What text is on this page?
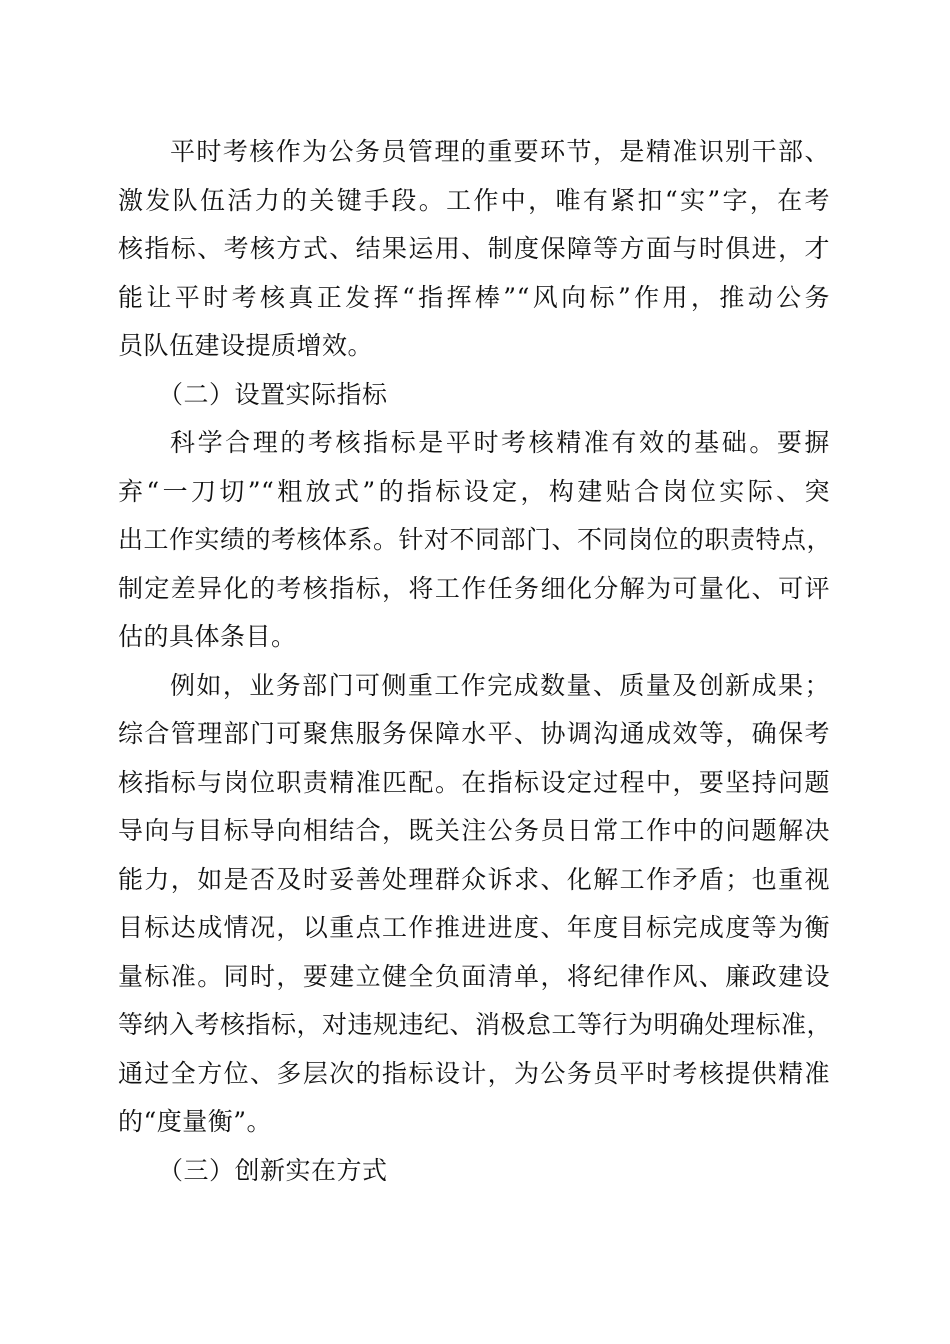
平时考核作为公务员管理的重要环节，是精准识别干部、
激发队伍活力的关键手段。工作中，唯有紧扣“实”字，在考
核指标、考核方式、结果运用、制度保障等方面与时俱进，才
能让平时考核真正发挥“指挥棒”“风向标”作用，推动公务
员队伍建设提质增效。
（二）设置实际指标
科学合理的考核指标是平时考核精准有效的基础。要摒
弃“一刀切”“粗放式”的指标设定，构建贴合岗位实际、突
出工作实绩的考核体系。针对不同部门、不同岗位的职责特点，
制定差异化的考核指标，将工作任务细化分解为可量化、可评
估的具体条目。
例如，业务部门可侧重工作完成数量、质量及创新成果；
综合管理部门可聚焦服务保障水平、协调沟通成效等，确保考
核指标与岗位职责精准匹配。在指标设定过程中，要坚持问题
导向与目标导向相结合，既关注公务员日常工作中的问题解决
能力，如是否及时妥善处理群众诉求、化解工作矛盾；也重视
目标达成情况，以重点工作推进进度、年度目标完成度等为衡
量标准。同时，要建立健全负面清单，将纪律作风、廉政建设
等纳入考核指标，对违规违纪、消极怠工等行为明确处理标准，
通过全方位、多层次的指标设计，为公务员平时考核提供精准
的“度量衡”。
（三）创新实在方式
